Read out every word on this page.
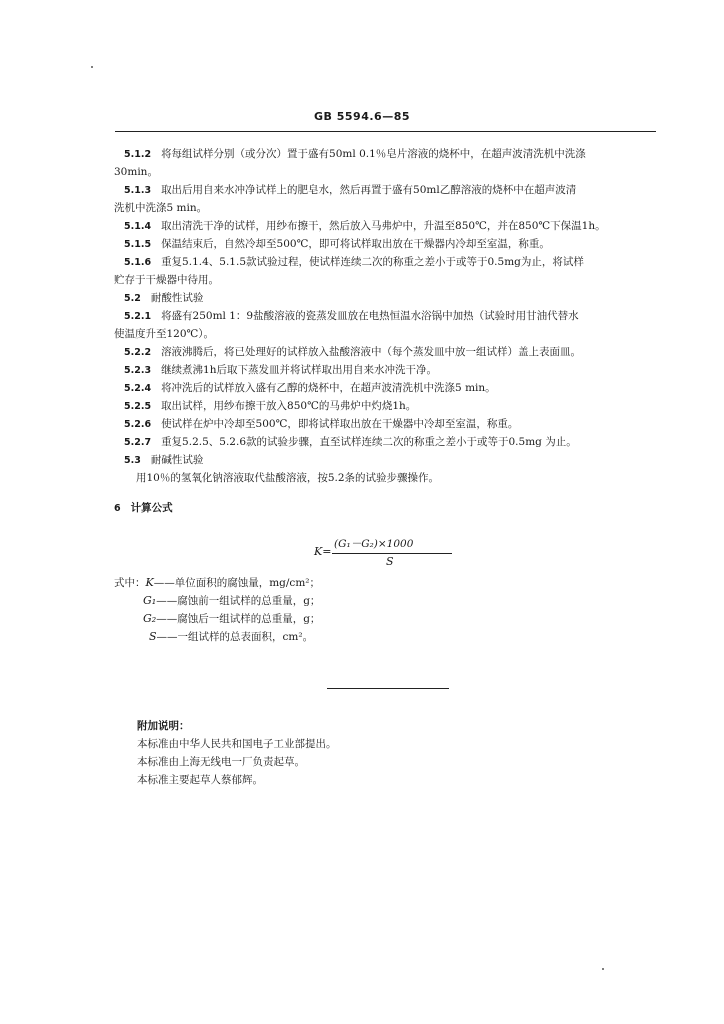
GB 5594.6—85
5.1.2 将每组试样分别（或分次）置于盛有50ml 0.1％皂片溶液的烧杯中，在超声波清洗机中洗涤
30min。
5.1.3 取出后用自来水冲净试样上的肥皂水，然后再置于盛有50ml乙醇溶液的烧杯中在超声波清
洗机中洗涤5 min。
5.1.4 取出清洗干净的试样，用纱布擦干，然后放入马弗炉中，升温至850℃，并在850℃下保温1h。
5.1.5 保温结束后，自然冷却至500℃，即可将试样取出放在干燥器内冷却至室温，称重。
5.1.6 重复5.1.4、5.1.5款试验过程，使试样连续二次的称重之差小于或等于0.5mg为止，将试样
贮存于干燥器中待用。
5.2 耐酸性试验
5.2.1 将盛有250ml 1：9盐酸溶液的瓷蒸发皿放在电热恒温水浴锅中加热（试验时用甘油代替水
使温度升至120℃）。
5.2.2 溶液沸腾后，将已处理好的试样放入盐酸溶液中（每个蒸发皿中放一组试样）盖上表面皿。
5.2.3 继续煮沸1h后取下蒸发皿并将试样取出用自来水冲洗干净。
5.2.4 将冲洗后的试样放入盛有乙醇的烧杯中，在超声波清洗机中洗涤5 min。
5.2.5 取出试样，用纱布擦干放入850℃的马弗炉中灼烧1h。
5.2.6 使试样在炉中冷却至500℃，即将试样取出放在干燥器中冷却至室温，称重。
5.2.7 重复5.2.5、5.2.6款的试验步骤，直至试样连续二次的称重之差小于或等于0.5mg 为止。
5.3 耐碱性试验
用10％的氢氧化钠溶液取代盐酸溶液，按5.2条的试验步骤操作。
6 计算公式
K=
(G₁－G₂)×1000
S
式中：K——单位面积的腐蚀量，mg/cm²；
G₁——腐蚀前一组试样的总重量，g；
G₂——腐蚀后一组试样的总重量，g；
S——一组试样的总表面积，cm²。
附加说明：
本标准由中华人民共和国电子工业部提出。
本标准由上海无线电一厂负责起草。
本标准主要起草人蔡郁辉。
